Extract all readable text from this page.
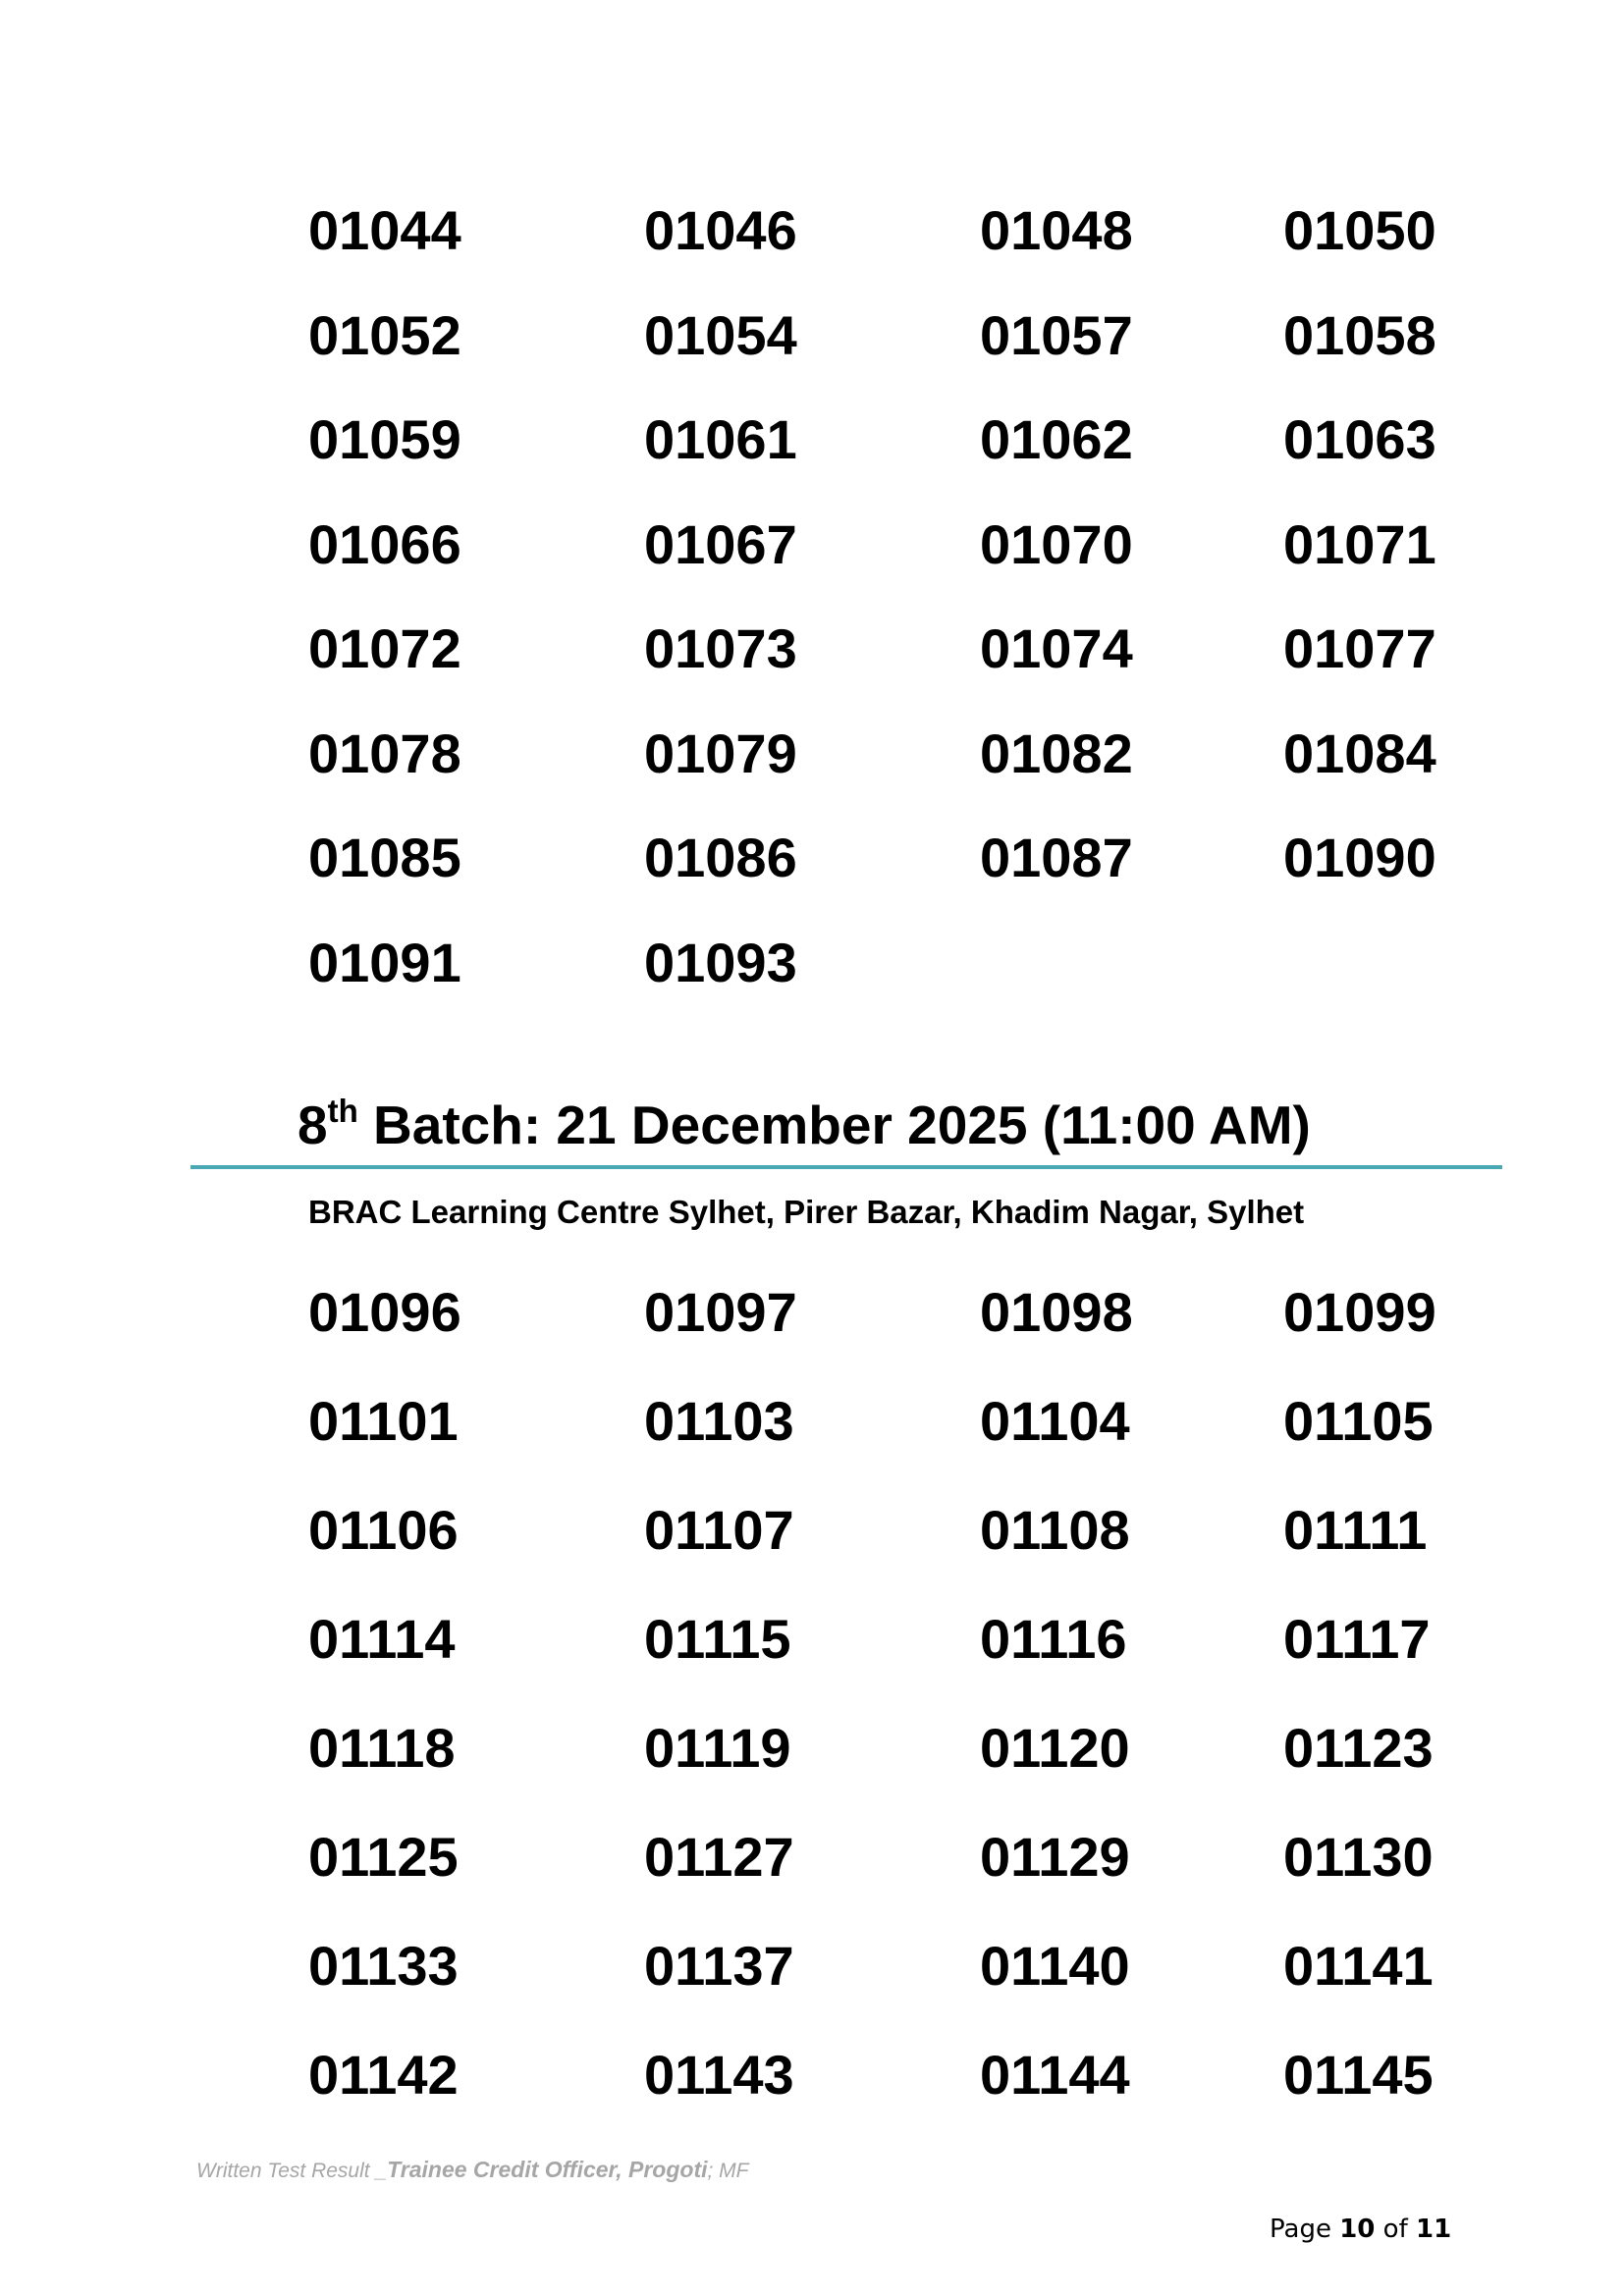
01044	01046	01048	01050
01052	01054	01057	01058
01059	01061	01062	01063
01066	01067	01070	01071
01072	01073	01074	01077
01078	01079	01082	01084
01085	01086	01087	01090
01091	01093
8th Batch: 21 December 2025 (11:00 AM)
BRAC Learning Centre Sylhet, Pirer Bazar, Khadim Nagar, Sylhet
01096	01097	01098	01099
01101	01103	01104	01105
01106	01107	01108	01111
01114	01115	01116	01117
01118	01119	01120	01123
01125	01127	01129	01130
01133	01137	01140	01141
01142	01143	01144	01145
Written Test Result _Trainee Credit Officer, Progoti; MF
Page 10 of 11
